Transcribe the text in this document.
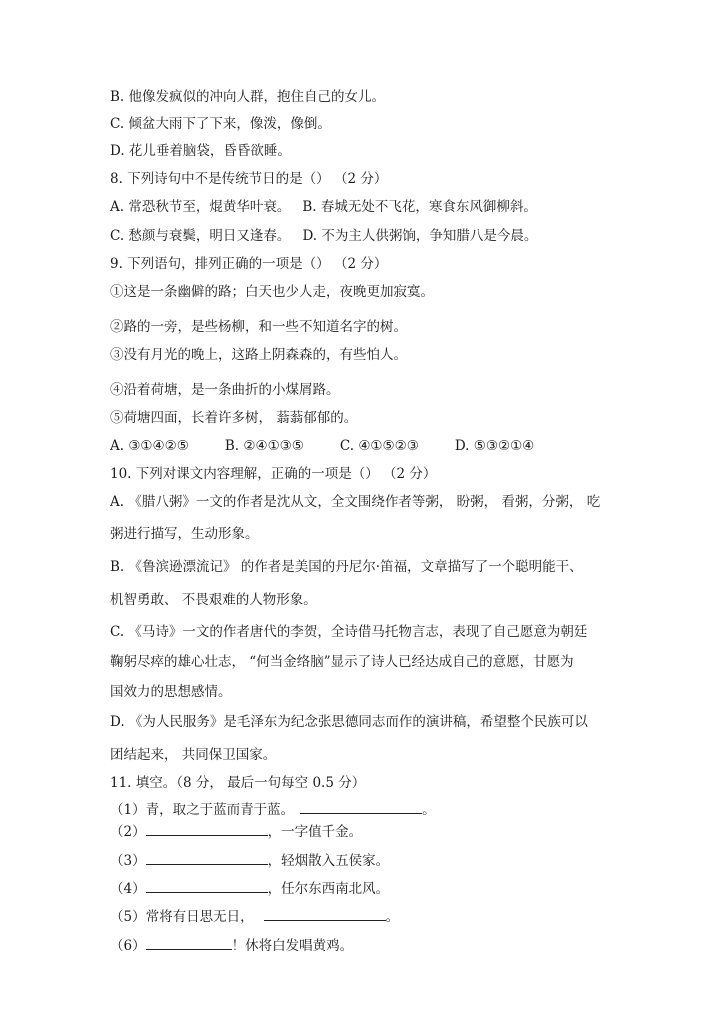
B. 他像发疯似的冲向人群，抱住自己的女儿。
C. 倾盆大雨下了下来，像泼，像倒。
D. 花儿垂着脑袋，昏昏欲睡。
8. 下列诗句中不是传统节日的是（） （2 分）
A. 常恐秋节至，焜黄华叶衰。 B. 春城无处不飞花，寒食东风御柳斜。
C. 愁颜与衰鬓，明日又逢春。 D. 不为主人供粥饷，争知腊八是今晨。
9. 下列语句，排列正确的一项是（） （2 分）
①这是一条幽僻的路；白天也少人走，夜晚更加寂寞。
②路的一旁，是些杨柳，和一些不知道名字的树。
③没有月光的晚上，这路上阴森森的，有些怕人。
④沿着荷塘，是一条曲折的小煤屑路。
⑤荷塘四面，长着许多树， 蓊蓊郁郁的。
A. ③①④②⑤	B. ②④①③⑤	C. ④①⑤②③	D. ⑤③②①④
10. 下列对课文内容理解，正确的一项是（） （2 分）
A. 《腊八粥》一文的作者是沈从文，全文围绕作者等粥， 盼粥， 看粥，分粥， 吃
粥进行描写，生动形象。
B. 《鲁滨逊漂流记》 的作者是美国的丹尼尔·笛福，文章描写了一个聪明能干、
机智勇敢、 不畏艰难的人物形象。
C. 《马诗》一文的作者唐代的李贺，全诗借马托物言志，表现了自己愿意为朝廷
鞠躬尽瘁的雄心壮志， “何当金络脑”显示了诗人已经达成自己的意愿，甘愿为
国效力的思想感情。
D. 《为人民服务》是毛泽东为纪念张思德同志而作的演讲稿，希望整个民族可以
团结起来， 共同保卫国家。
11. 填空。（8 分， 最后一句每空 0.5 分）
（1）青，取之于蓝而青于蓝。	。
（2）	，一字值千金。
（3）	，轻烟散入五侯家。
（4）	，任尔东西南北风。
（5）常将有日思无日，	。
（6）	！休将白发唱黄鸡。
